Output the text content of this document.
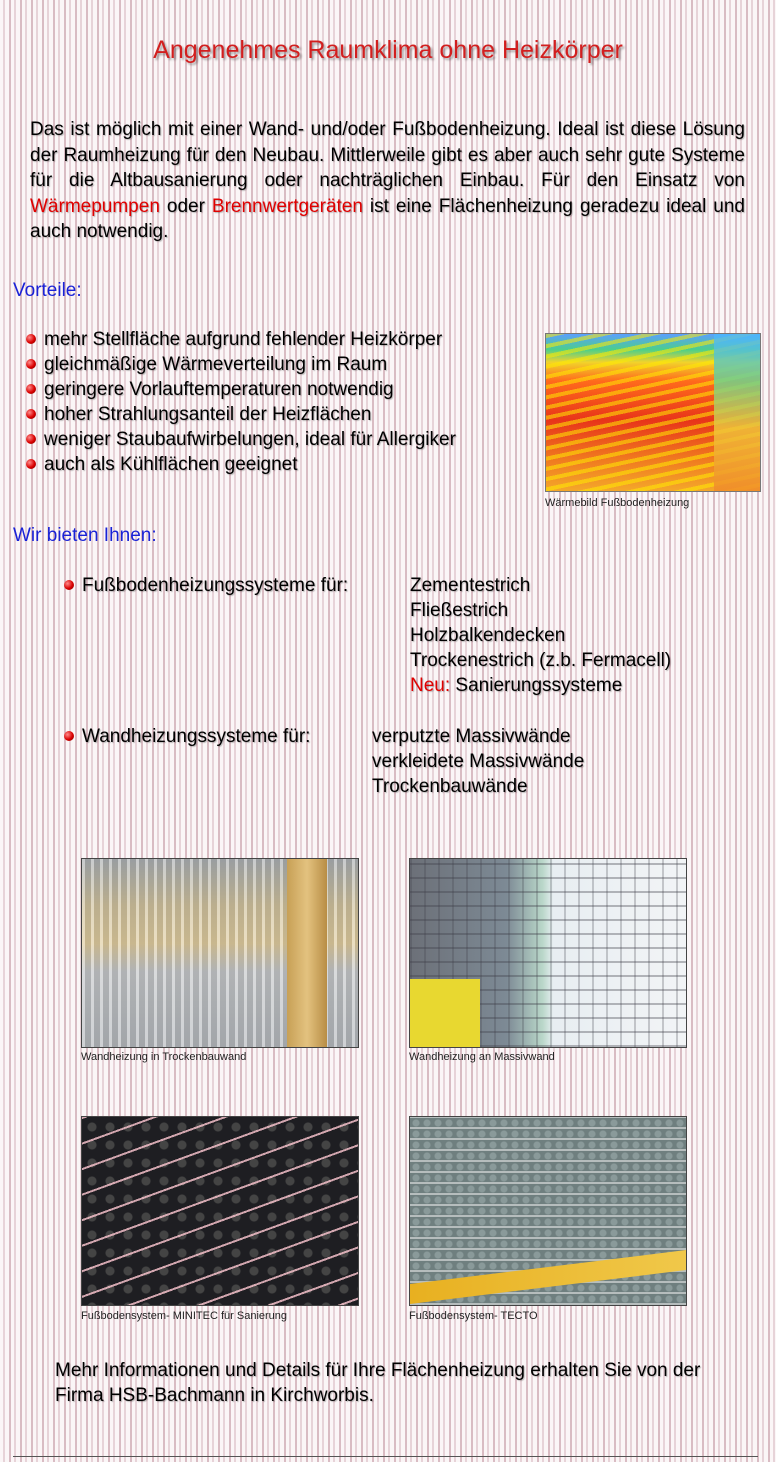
Angenehmes Raumklima ohne Heizkörper
Das ist möglich mit einer Wand- und/oder Fußbodenheizung. Ideal ist diese Lösung der Raumheizung für den Neubau. Mittlerweile gibt es aber auch sehr gute Systeme für die Altbausanierung oder nachträglichen Einbau. Für den Einsatz von Wärmepumpen oder Brennwertgeräten ist eine Flächenheizung geradezu ideal und auch notwendig.
Vorteile:
mehr Stellfläche aufgrund fehlender Heizkörper
gleichmäßige Wärmeverteilung im Raum
geringere Vorlauftemperaturen notwendig
hoher Strahlungsanteil der Heizflächen
weniger Staubaufwirbelungen, ideal für Allergiker
auch als Kühlflächen geeignet
Wärmebild Fußbodenheizung
Wir bieten Ihnen:
Fußbodenheizungssysteme für:	Zementestrich
Fließestrich
Holzbalkendecken
Trockenestrich (z.b. Fermacell)
Neu: Sanierungssysteme
Wandheizungssysteme für:	verputzte Massivwände
verkleidete Massivwände
Trockenbauwände
Wandheizung in Trockenbauwand	Wandheizung an Massivwand
Fußbodensystem- MINITEC für Sanierung	Fußbodensystem- TECTO
Mehr Informationen und Details für Ihre Flächenheizung erhalten Sie von der Firma HSB-Bachmann in Kirchworbis.
